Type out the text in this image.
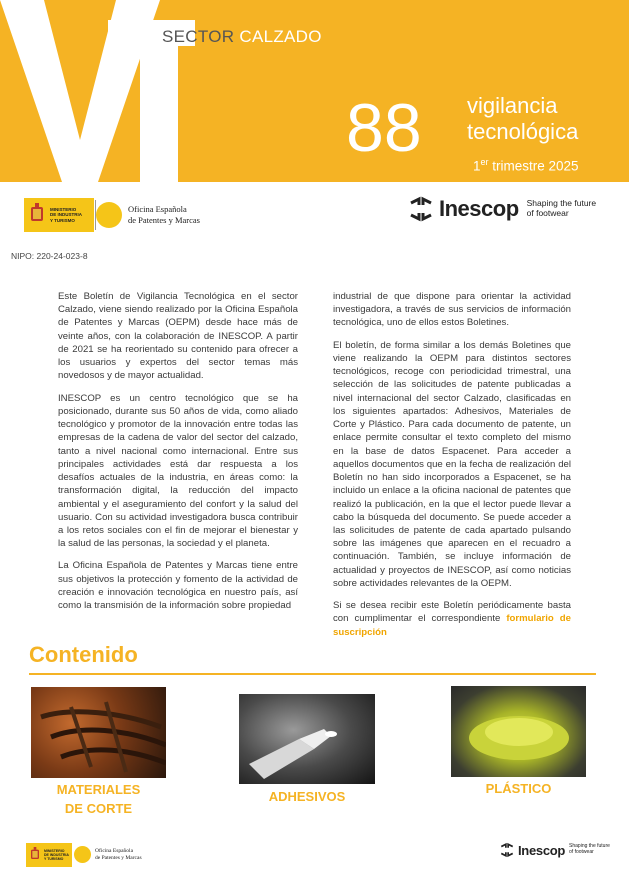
SECTOR CALZADO
88 vigilancia
tecnológica
1er trimestre 2025
MINISTERIO
DE INDUSTRIA
Y TURISMO
Oficina Española
de Patentes y Marcas	Inescop Shaping the future
of footwear
NIPO: 220-24-023-8

Este Boletín de Vigilancia Tecnológica en el sector Calzado, viene siendo realizado por la Oficina Española de Patentes y Marcas (OEPM) desde hace más de veinte años, con la colaboración de INESCOP. A partir de 2021 se ha reorientado su contenido para ofrecer a los usuarios y expertos del sector temas más novedosos y de mayor actualidad.

INESCOP es un centro tecnológico que se ha posicionado, durante sus 50 años de vida, como aliado tecnológico y promotor de la innovación entre todas las empresas de la cadena de valor del sector del calzado, tanto a nivel nacional como internacional. Entre sus principales actividades está dar respuesta a los desafíos actuales de la industria, en áreas como: la transformación digital, la reducción del impacto ambiental y el aseguramiento del confort y la salud del usuario. Con su actividad investigadora busca contribuir a los retos sociales con el fin de mejorar el bienestar y la salud de las personas, la sociedad y el planeta.

La Oficina Española de Patentes y Marcas tiene entre sus objetivos la protección y fomento de la actividad de creación e innovación tecnológica en nuestro país, así como la transmisión de la información sobre propiedad

industrial de que dispone para orientar la actividad investigadora, a través de sus servicios de información tecnológica, uno de ellos estos Boletines.

El boletín, de forma similar a los demás Boletines que viene realizando la OEPM para distintos sectores tecnológicos, recoge con periodicidad trimestral, una selección de las solicitudes de patente publicadas a nivel internacional del sector Calzado, clasificadas en los siguientes apartados: Adhesivos, Materiales de Corte y Plástico. Para cada documento de patente, un enlace permite consultar el texto completo del mismo en la base de datos Espacenet. Para acceder a aquellos documentos que en la fecha de realización del Boletín no han sido incorporados a Espacenet, se ha incluido un enlace a la oficina nacional de patentes que realizó la publicación, en la que el lector puede llevar a cabo la búsqueda del documento. Se puede acceder a las solicitudes de patente de cada apartado pulsando sobre las imágenes que aparecen en el recuadro a continuación. También, se incluye información de actualidad y proyectos de INESCOP, así como noticias sobre actividades relevantes de la OEPM.

Si se desea recibir este Boletín periódicamente basta con cumplimentar el correspondiente formulario de suscripción

Contenido
MATERIALES
DE CORTE
ADHESIVOS
PLÁSTICO
MINISTERIO
DE INDUSTRIA
Y TURISMO
Oficina Española
de Patentes y Marcas	Inescop Shaping the future
of footwear
